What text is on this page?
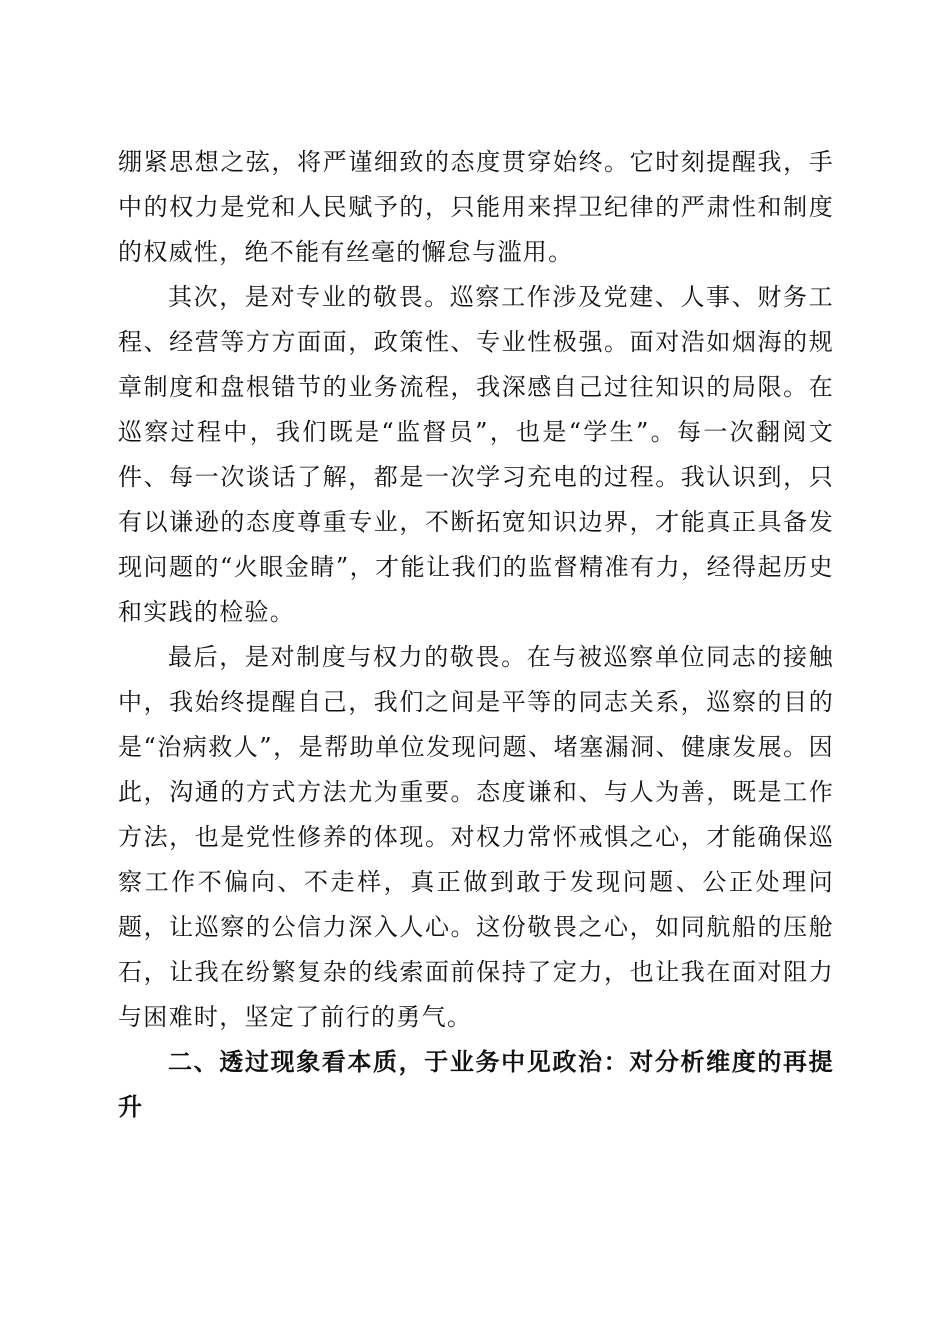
绷紧思想之弦，将严谨细致的态度贯穿始终。它时刻提醒我，手中的权力是党和人民赋予的，只能用来捍卫纪律的严肃性和制度的权威性，绝不能有丝毫的懈怠与滥用。

其次，是对专业的敬畏。巡察工作涉及党建、人事、财务工程、经营等方方面面，政策性、专业性极强。面对浩如烟海的规章制度和盘根错节的业务流程，我深感自己过往知识的局限。在巡察过程中，我们既是“监督员”，也是“学生”。每一次翻阅文件、每一次谈话了解，都是一次学习充电的过程。我认识到，只有以谦逊的态度尊重专业，不断拓宽知识边界，才能真正具备发现问题的“火眼金睛”，才能让我们的监督精准有力，经得起历史和实践的检验。

最后，是对制度与权力的敬畏。在与被巡察单位同志的接触中，我始终提醒自己，我们之间是平等的同志关系，巡察的目的是“治病救人”，是帮助单位发现问题、堵塞漏洞、健康发展。因此，沟通的方式方法尤为重要。态度谦和、与人为善，既是工作方法，也是党性修养的体现。对权力常怀戒惧之心，才能确保巡察工作不偏向、不走样，真正做到敢于发现问题、公正处理问题，让巡察的公信力深入人心。这份敬畏之心，如同航船的压舱石，让我在纷繁复杂的线索面前保持了定力，也让我在面对阻力与困难时，坚定了前行的勇气。

二、透过现象看本质，于业务中见政治：对分析维度的再提升
